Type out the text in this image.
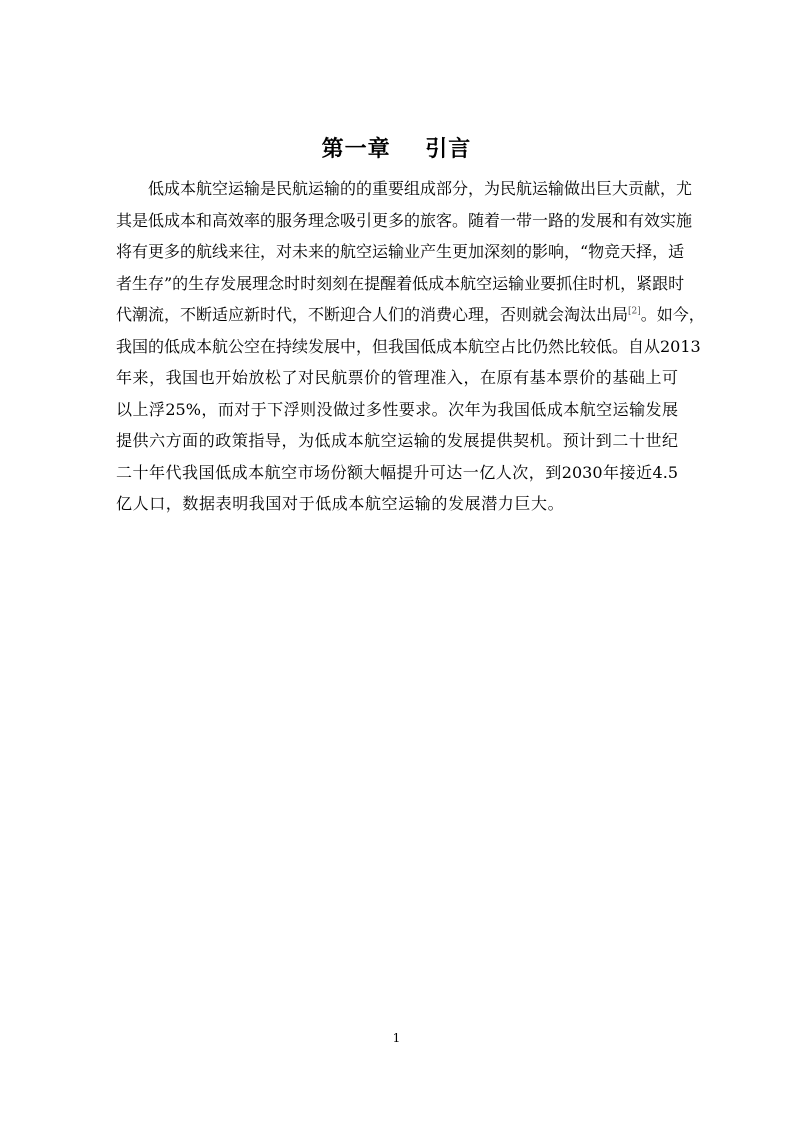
第一章    引言
低成本航空运输是民航运输的的重要组成部分，为民航运输做出巨大贡献，尤
其是低成本和高效率的服务理念吸引更多的旅客。随着一带一路的发展和有效实施
将有更多的航线来往，对未来的航空运输业产生更加深刻的影响，“物竞天择，适
者生存”的生存发展理念时时刻刻在提醒着低成本航空运输业要抓住时机，紧跟时
代潮流，不断适应新时代，不断迎合人们的消费心理，否则就会淘汰出局[2]。如今，
我国的低成本航公空在持续发展中，但我国低成本航空占比仍然比较低。自从2013
年来，我国也开始放松了对民航票价的管理准入，在原有基本票价的基础上可
以上浮25%，而对于下浮则没做过多性要求。次年为我国低成本航空运输发展
提供六方面的政策指导，为低成本航空运输的发展提供契机。预计到二十世纪
二十年代我国低成本航空市场份额大幅提升可达一亿人次，到2030年接近4.5
亿人口，数据表明我国对于低成本航空运输的发展潜力巨大。
1
